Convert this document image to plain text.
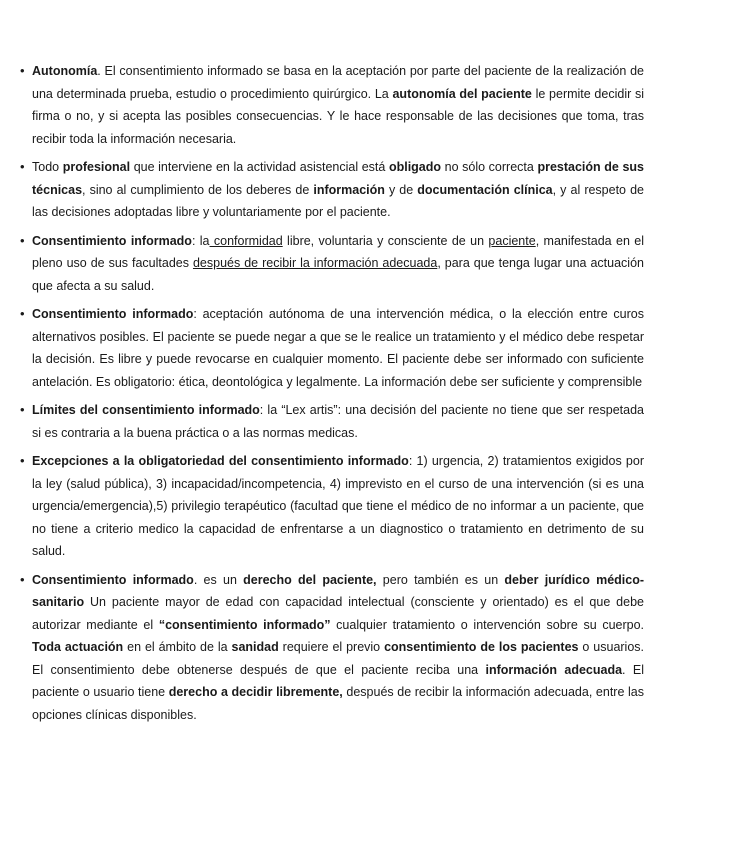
• Autonomía. El consentimiento informado se basa en la aceptación por parte del paciente de la realización de una determinada prueba, estudio o procedimiento quirúrgico. La autonomía del paciente le permite decidir si firma o no, y si acepta las posibles consecuencias. Y le hace responsable de las decisiones que toma, tras recibir toda la información necesaria.
• Todo profesional que interviene en la actividad asistencial está obligado no sólo correcta prestación de sus técnicas, sino al cumplimiento de los deberes de información y de documentación clínica, y al respeto de las decisiones adoptadas libre y voluntariamente por el paciente.
• Consentimiento informado: la conformidad libre, voluntaria y consciente de un paciente, manifestada en el pleno uso de sus facultades después de recibir la información adecuada, para que tenga lugar una actuación que afecta a su salud.
• Consentimiento informado: aceptación autónoma de una intervención médica, o la elección entre curos alternativos posibles. El paciente se puede negar a que se le realice un tratamiento y el médico debe respetar la decisión. Es libre y puede revocarse en cualquier momento. El paciente debe ser informado con suficiente antelación. Es obligatorio: ética, deontológica y legalmente. La información debe ser suficiente y comprensible
• Límites del consentimiento informado: la “Lex artis”: una decisión del paciente no tiene que ser respetada si es contraria a la buena práctica o a las normas medicas.
• Excepciones a la obligatoriedad del consentimiento informado: 1) urgencia, 2) tratamientos exigidos por la ley (salud pública), 3) incapacidad/incompetencia, 4) imprevisto en el curso de una intervención (si es una urgencia/emergencia),5) privilegio terapéutico (facultad que tiene el médico de no informar a un paciente, que no tiene a criterio medico la capacidad de enfrentarse a un diagnostico o tratamiento en detrimento de su salud.
• Consentimiento informado. es un derecho del paciente, pero también es un deber jurídico médico-sanitario Un paciente mayor de edad con capacidad intelectual (consciente y orientado) es el que debe autorizar mediante el “consentimiento informado” cualquier tratamiento o intervención sobre su cuerpo. Toda actuación en el ámbito de la sanidad requiere el previo consentimiento de los pacientes o usuarios. El consentimiento debe obtenerse después de que el paciente reciba una información adecuada. El paciente o usuario tiene derecho a decidir libremente, después de recibir la información adecuada, entre las opciones clínicas disponibles.
